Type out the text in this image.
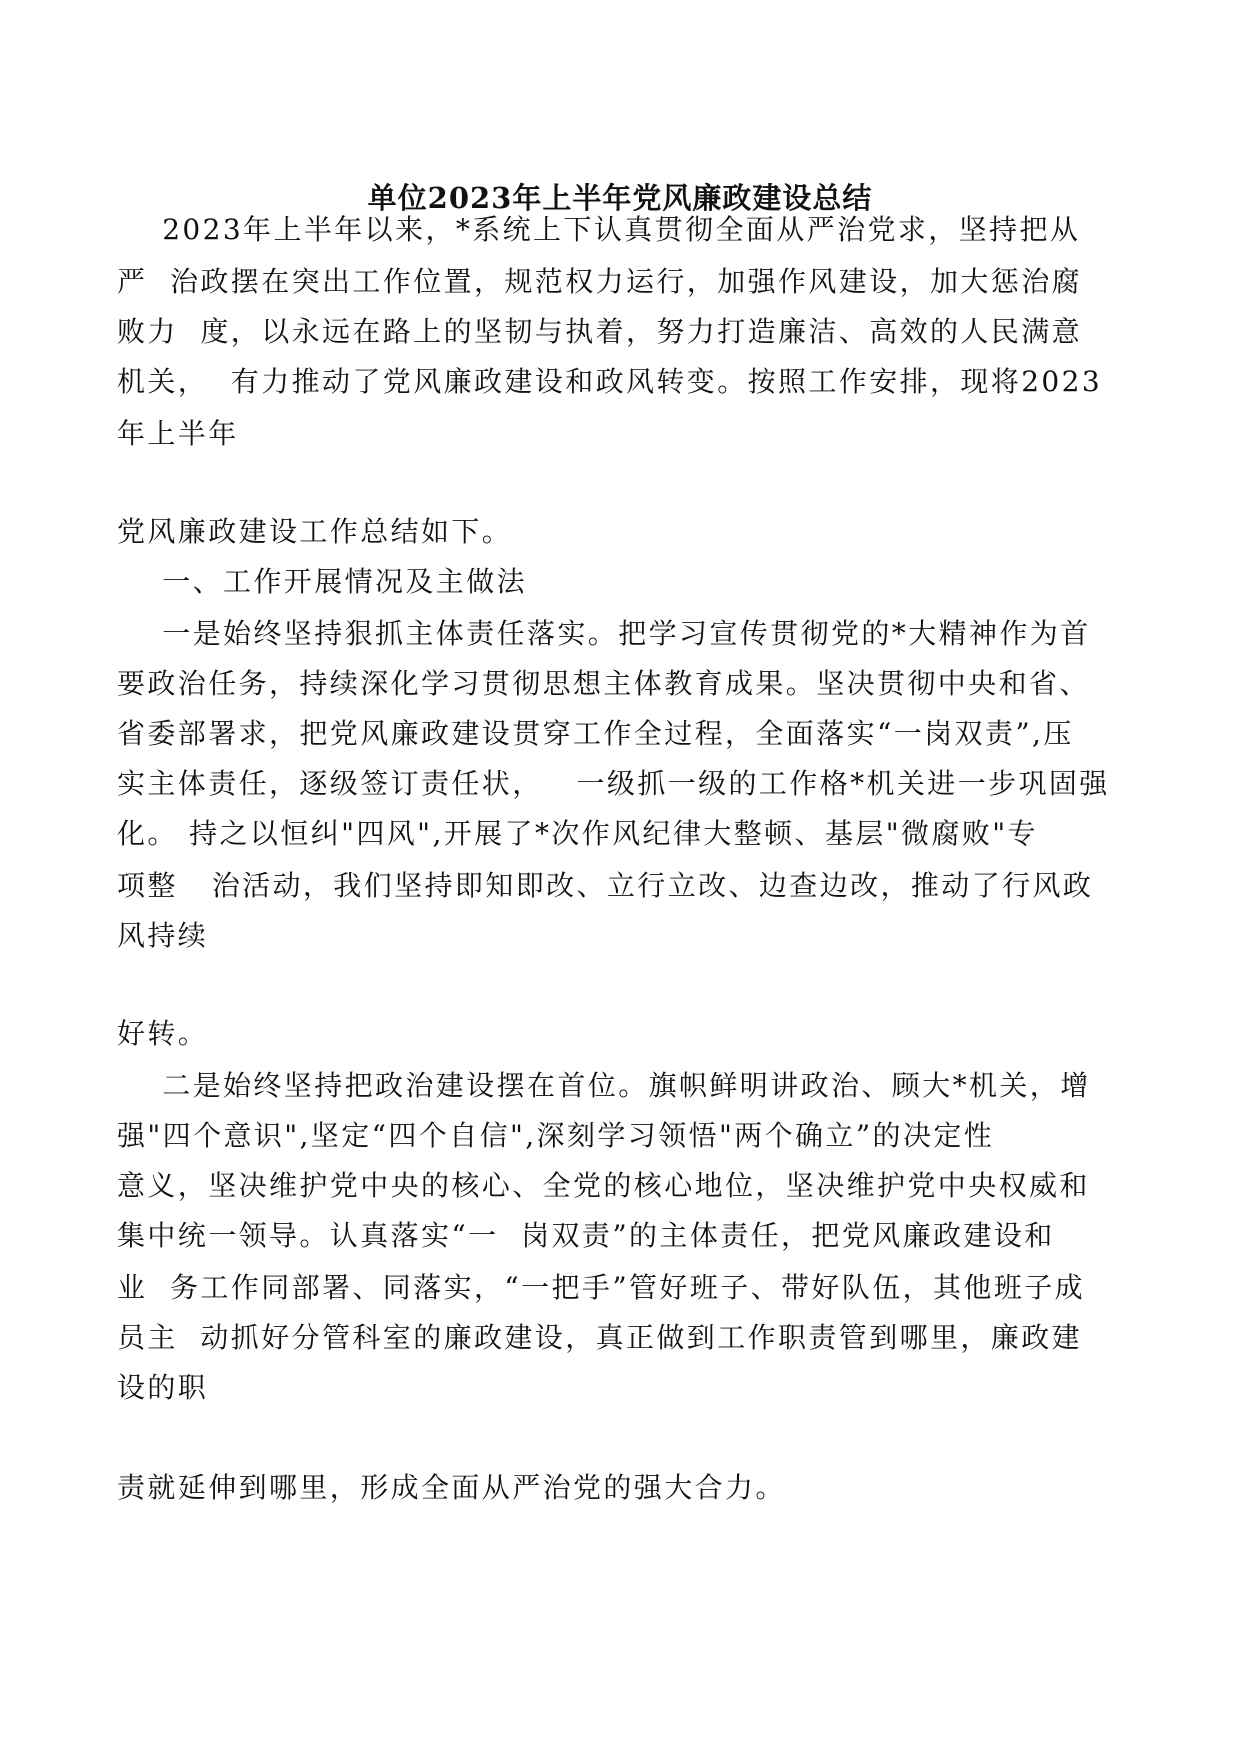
单位2023年上半年党风廉政建设总结
2023年上半年以来，*系统上下认真贯彻全面从严治党求，坚持把从
严  治政摆在突出工作位置，规范权力运行，加强作风建设，加大惩治腐
败力  度，以永远在路上的坚韧与执着，努力打造廉洁、高效的人民满意
机关，  有力推动了党风廉政建设和政风转变。按照工作安排，现将2023
年上半年
党风廉政建设工作总结如下。
一、工作开展情况及主做法
一是始终坚持狠抓主体责任落实。把学习宣传贯彻党的*大精神作为首
要政治任务，持续深化学习贯彻思想主体教育成果。坚决贯彻中央和省、
省委部署求，把党风廉政建设贯穿工作全过程，全面落实“一岗双责”,压
实主体责任，逐级签订责任状，   一级抓一级的工作格*机关进一步巩固强
化。 持之以恒纠"四风",开展了*次作风纪律大整顿、基层"微腐败"专
项整   治活动，我们坚持即知即改、立行立改、边查边改，推动了行风政
风持续
好转。
二是始终坚持把政治建设摆在首位。旗帜鲜明讲政治、顾大*机关，增
强"四个意识",坚定“四个自信",深刻学习领悟"两个确立”的决定性
意义，坚决维护党中央的核心、全党的核心地位，坚决维护党中央权威和
集中统一领导。认真落实“一  岗双责”的主体责任，把党风廉政建设和
业  务工作同部署、同落实，“一把手”管好班子、带好队伍，其他班子成
员主  动抓好分管科室的廉政建设，真正做到工作职责管到哪里，廉政建
设的职
责就延伸到哪里，形成全面从严治党的强大合力。
